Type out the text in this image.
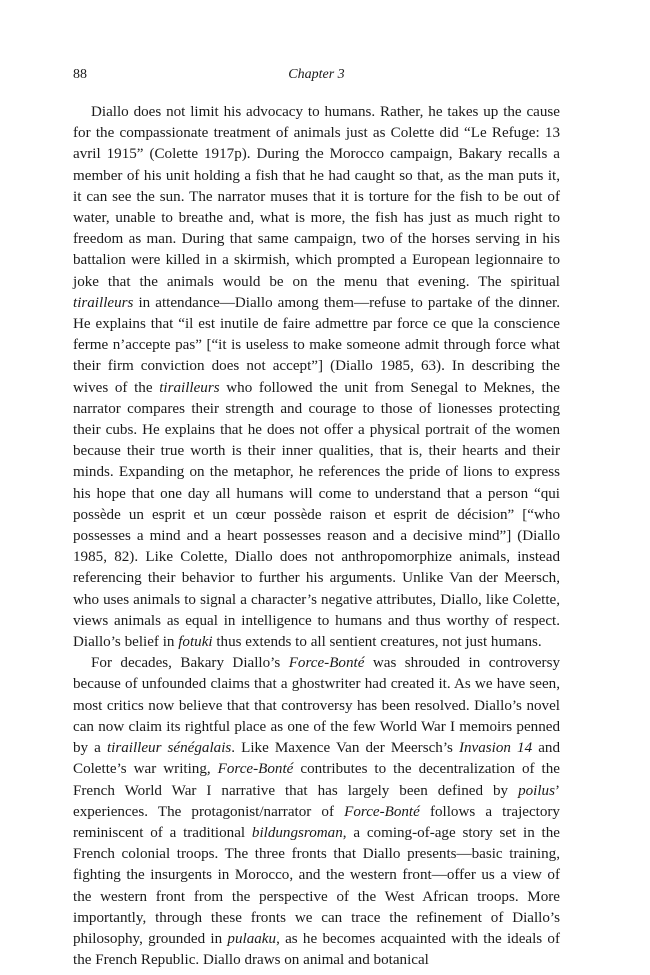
88	Chapter 3

Diallo does not limit his advocacy to humans. Rather, he takes up the cause for the compassionate treatment of animals just as Colette did “Le Refuge: 13 avril 1915” (Colette 1917p). During the Morocco campaign, Bakary recalls a member of his unit holding a fish that he had caught so that, as the man puts it, it can see the sun. The narrator muses that it is torture for the fish to be out of water, unable to breathe and, what is more, the fish has just as much right to freedom as man. During that same campaign, two of the horses serving in his battalion were killed in a skirmish, which prompted a European legionnaire to joke that the animals would be on the menu that evening. The spiritual tirailleurs in attendance—Diallo among them—refuse to partake of the dinner. He explains that “il est inutile de faire admettre par force ce que la conscience ferme n’accepte pas” [“it is useless to make someone admit through force what their firm conviction does not accept”] (Diallo 1985, 63). In describing the wives of the tirailleurs who followed the unit from Senegal to Meknes, the narrator compares their strength and courage to those of lionesses protecting their cubs. He explains that he does not offer a physical portrait of the women because their true worth is their inner qualities, that is, their hearts and their minds. Expanding on the metaphor, he references the pride of lions to express his hope that one day all humans will come to understand that a person “qui possède un esprit et un cœur possède raison et esprit de décision” [“who possesses a mind and a heart possesses reason and a decisive mind”] (Diallo 1985, 82). Like Colette, Diallo does not anthropomorphize animals, instead referencing their behavior to further his arguments. Unlike Van der Meersch, who uses animals to signal a character’s negative attributes, Diallo, like Colette, views animals as equal in intelligence to humans and thus worthy of respect. Diallo’s belief in fotuki thus extends to all sentient creatures, not just humans.

For decades, Bakary Diallo’s Force-Bonté was shrouded in controversy because of unfounded claims that a ghostwriter had created it. As we have seen, most critics now believe that that controversy has been resolved. Diallo’s novel can now claim its rightful place as one of the few World War I memoirs penned by a tirailleur sénégalais. Like Maxence Van der Meersch’s Invasion 14 and Colette’s war writing, Force-Bonté contributes to the decentralization of the French World War I narrative that has largely been defined by poilus’ experiences. The protagonist/narrator of Force-Bonté follows a trajectory reminiscent of a traditional bildungsroman, a coming-of-age story set in the French colonial troops. The three fronts that Diallo presents—basic training, fighting the insurgents in Morocco, and the western front—offer us a view of the western front from the perspective of the West African troops. More importantly, through these fronts we can trace the refinement of Diallo’s philosophy, grounded in pulaaku, as he becomes acquainted with the ideals of the French Republic. Diallo draws on animal and botanical
